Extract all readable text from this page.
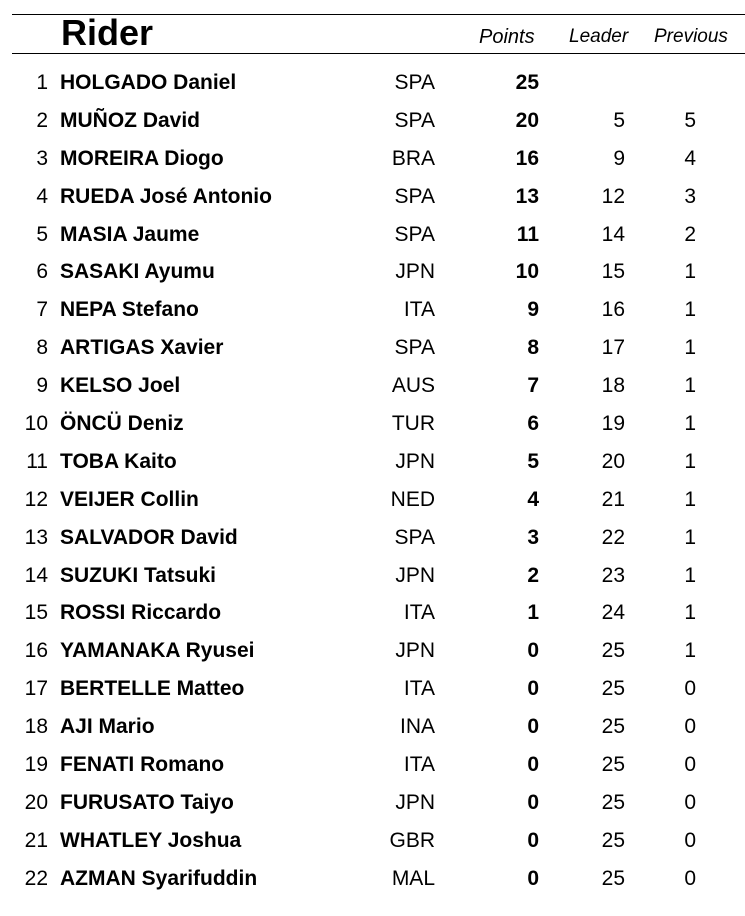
Rider	Points Leader Previous
1 HOLGADO Daniel	SPA	25
2 MUÑOZ David	SPA	20	5	5
3 MOREIRA Diogo	BRA	16	9	4
4 RUEDA José Antonio	SPA	13	12	3
5 MASIA Jaume	SPA	11	14	2
6 SASAKI Ayumu	JPN	10	15	1
7 NEPA Stefano	ITA	9	16	1
8 ARTIGAS Xavier	SPA	8	17	1
9 KELSO Joel	AUS	7	18	1
10 ÖNCÜ Deniz	TUR	6	19	1
11 TOBA Kaito	JPN	5	20	1
12 VEIJER Collin	NED	4	21	1
13 SALVADOR David	SPA	3	22	1
14 SUZUKI Tatsuki	JPN	2	23	1
15 ROSSI Riccardo	ITA	1	24	1
16 YAMANAKA Ryusei	JPN	0	25	1
17 BERTELLE Matteo	ITA	0	25	0
18 AJI Mario	INA	0	25	0
19 FENATI Romano	ITA	0	25	0
20 FURUSATO Taiyo	JPN	0	25	0
21 WHATLEY Joshua	GBR	0	25	0
22 AZMAN Syarifuddin	MAL	0	25	0
